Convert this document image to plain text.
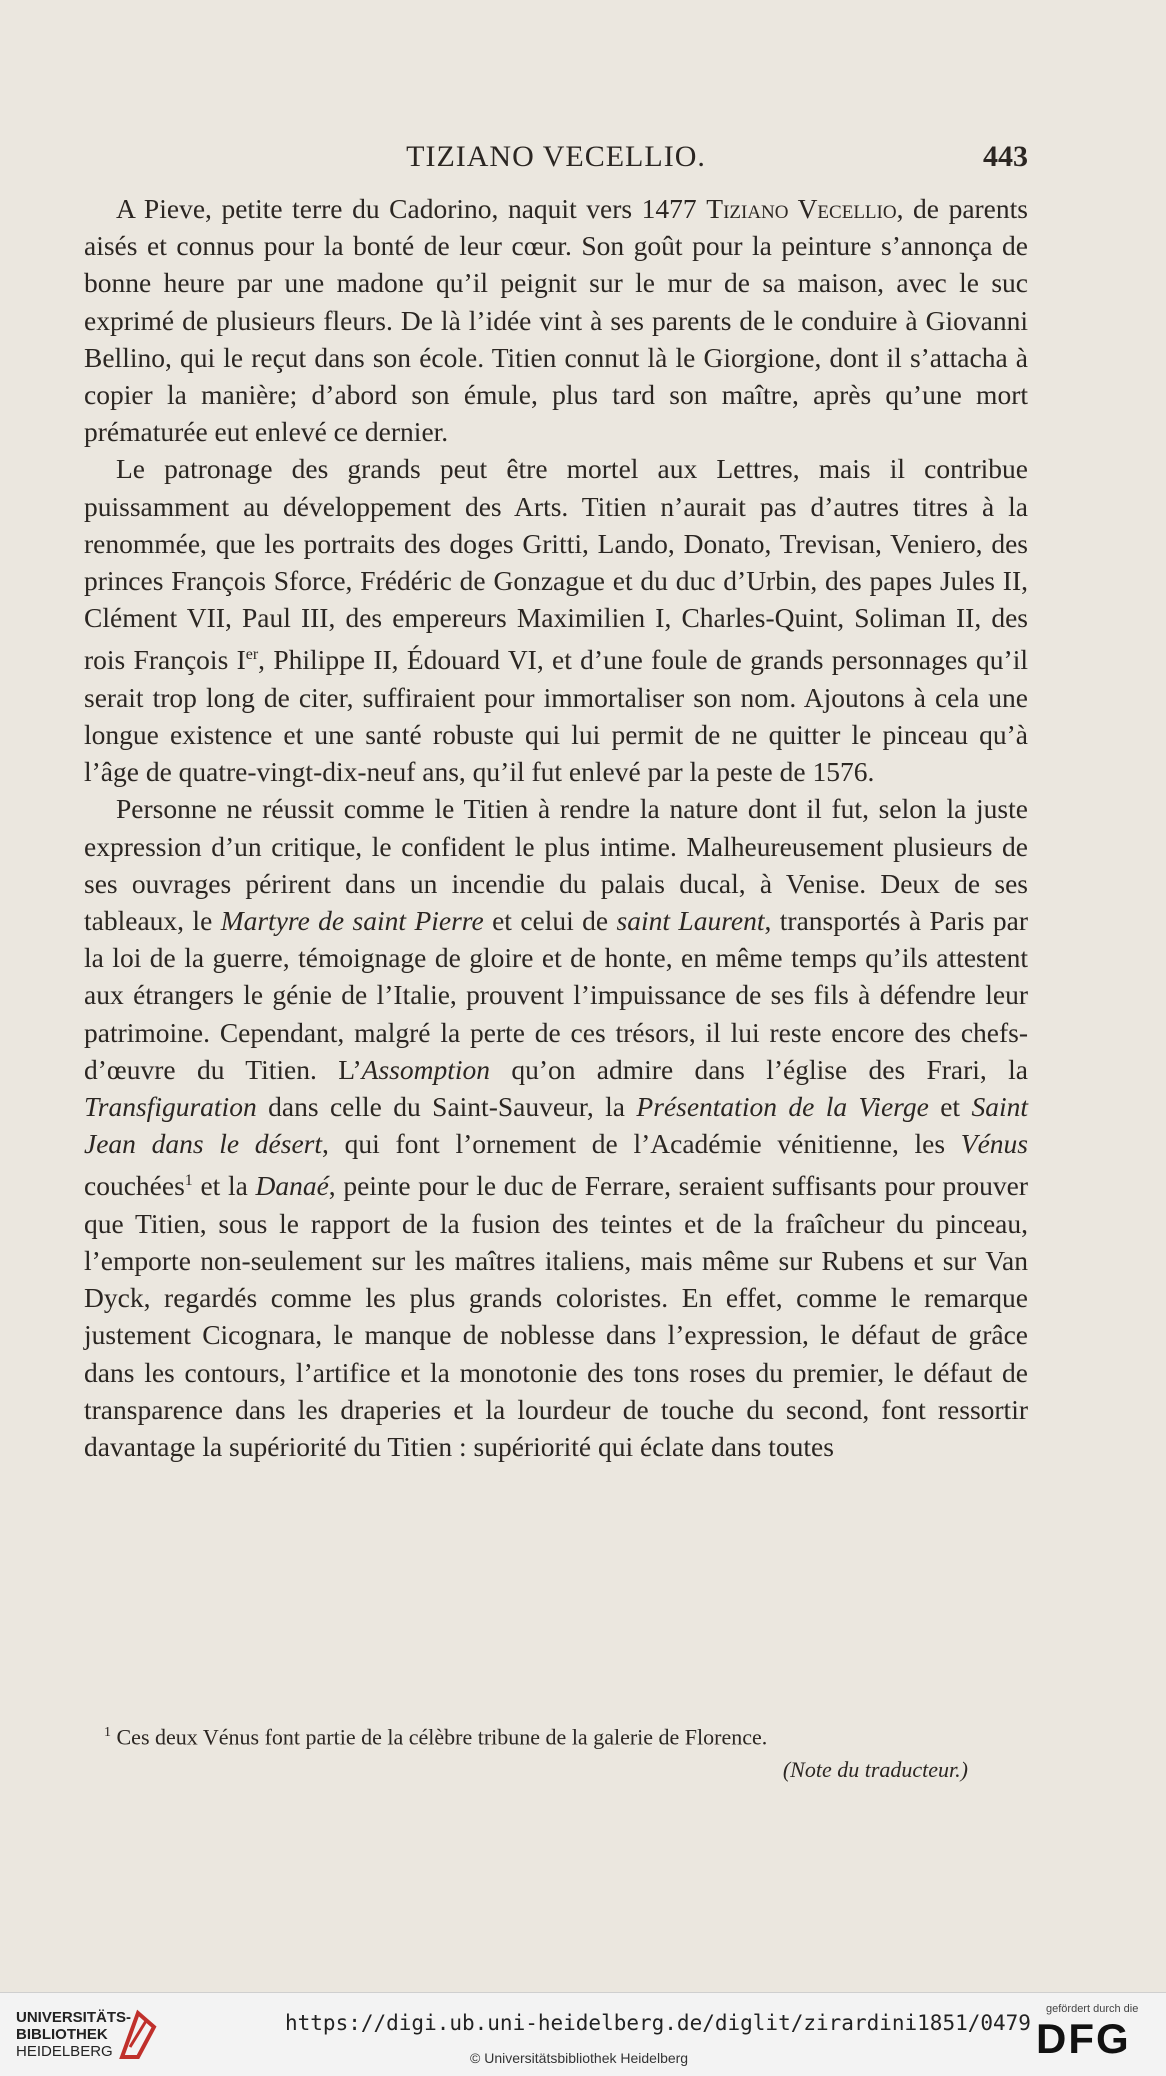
TIZIANO VECELLIO.	443

A Pieve, petite terre du Cadorino, naquit vers 1477 Tiziano Vecellio, de parents aisés et connus pour la bonté de leur cœur. Son goût pour la peinture s’annonça de bonne heure par une madone qu’il peignit sur le mur de sa maison, avec le suc exprimé de plusieurs fleurs. De là l’idée vint à ses parents de le conduire à Giovanni Bellino, qui le reçut dans son école. Titien connut là le Giorgione, dont il s’attacha à copier la manière; d’abord son émule, plus tard son maître, après qu’une mort prématurée eut enlevé ce dernier.

Le patronage des grands peut être mortel aux Lettres, mais il contribue puissamment au développement des Arts. Titien n’aurait pas d’autres titres à la renommée, que les portraits des doges Gritti, Lando, Donato, Trevisan, Veniero, des princes François Sforce, Frédéric de Gonzague et du duc d’Urbin, des papes Jules II, Clément VII, Paul III, des empereurs Maximilien I, Charles-Quint, Soliman II, des rois François Ier, Philippe II, Édouard VI, et d’une foule de grands personnages qu’il serait trop long de citer, suffiraient pour immortaliser son nom. Ajoutons à cela une longue existence et une santé robuste qui lui permit de ne quitter le pinceau qu’à l’âge de quatre-vingt-dix-neuf ans, qu’il fut enlevé par la peste de 1576.

Personne ne réussit comme le Titien à rendre la nature dont il fut, selon la juste expression d’un critique, le confident le plus intime. Malheureusement plusieurs de ses ouvrages périrent dans un incendie du palais ducal, à Venise. Deux de ses tableaux, le Martyre de saint Pierre et celui de saint Laurent, transportés à Paris par la loi de la guerre, témoignage de gloire et de honte, en même temps qu’ils attestent aux étrangers le génie de l’Italie, prouvent l’impuissance de ses fils à défendre leur patrimoine. Cependant, malgré la perte de ces trésors, il lui reste encore des chefs-d’œuvre du Titien. L’Assomption qu’on admire dans l’église des Frari, la Transfiguration dans celle du Saint-Sauveur, la Présentation de la Vierge et Saint Jean dans le désert, qui font l’ornement de l’Académie vénitienne, les Vénus couchées$^1$ et la Danaé, peinte pour le duc de Ferrare, seraient suffisants pour prouver que Titien, sous le rapport de la fusion des teintes et de la fraîcheur du pinceau, l’emporte non-seulement sur les maîtres italiens, mais même sur Rubens et sur Van Dyck, regardés comme les plus grands coloristes. En effet, comme le remarque justement Cicognara, le manque de noblesse dans l’expression, le défaut de grâce dans les contours, l’artifice et la monotonie des tons roses du premier, le défaut de transparence dans les draperies et la lourdeur de touche du second, font ressortir davantage la supériorité du Titien : supériorité qui éclate dans toutes

$^1$ Ces deux Vénus font partie de la célèbre tribune de la galerie de Florence.
(Note du traducteur.)
UNIVERSITÄTS-
BIBLIOTHEK
HEIDELBERG
https://digi.ub.uni-heidelberg.de/diglit/zirardini1851/0479
© Universitätsbibliothek Heidelberg
gefördert durch die
DFG
